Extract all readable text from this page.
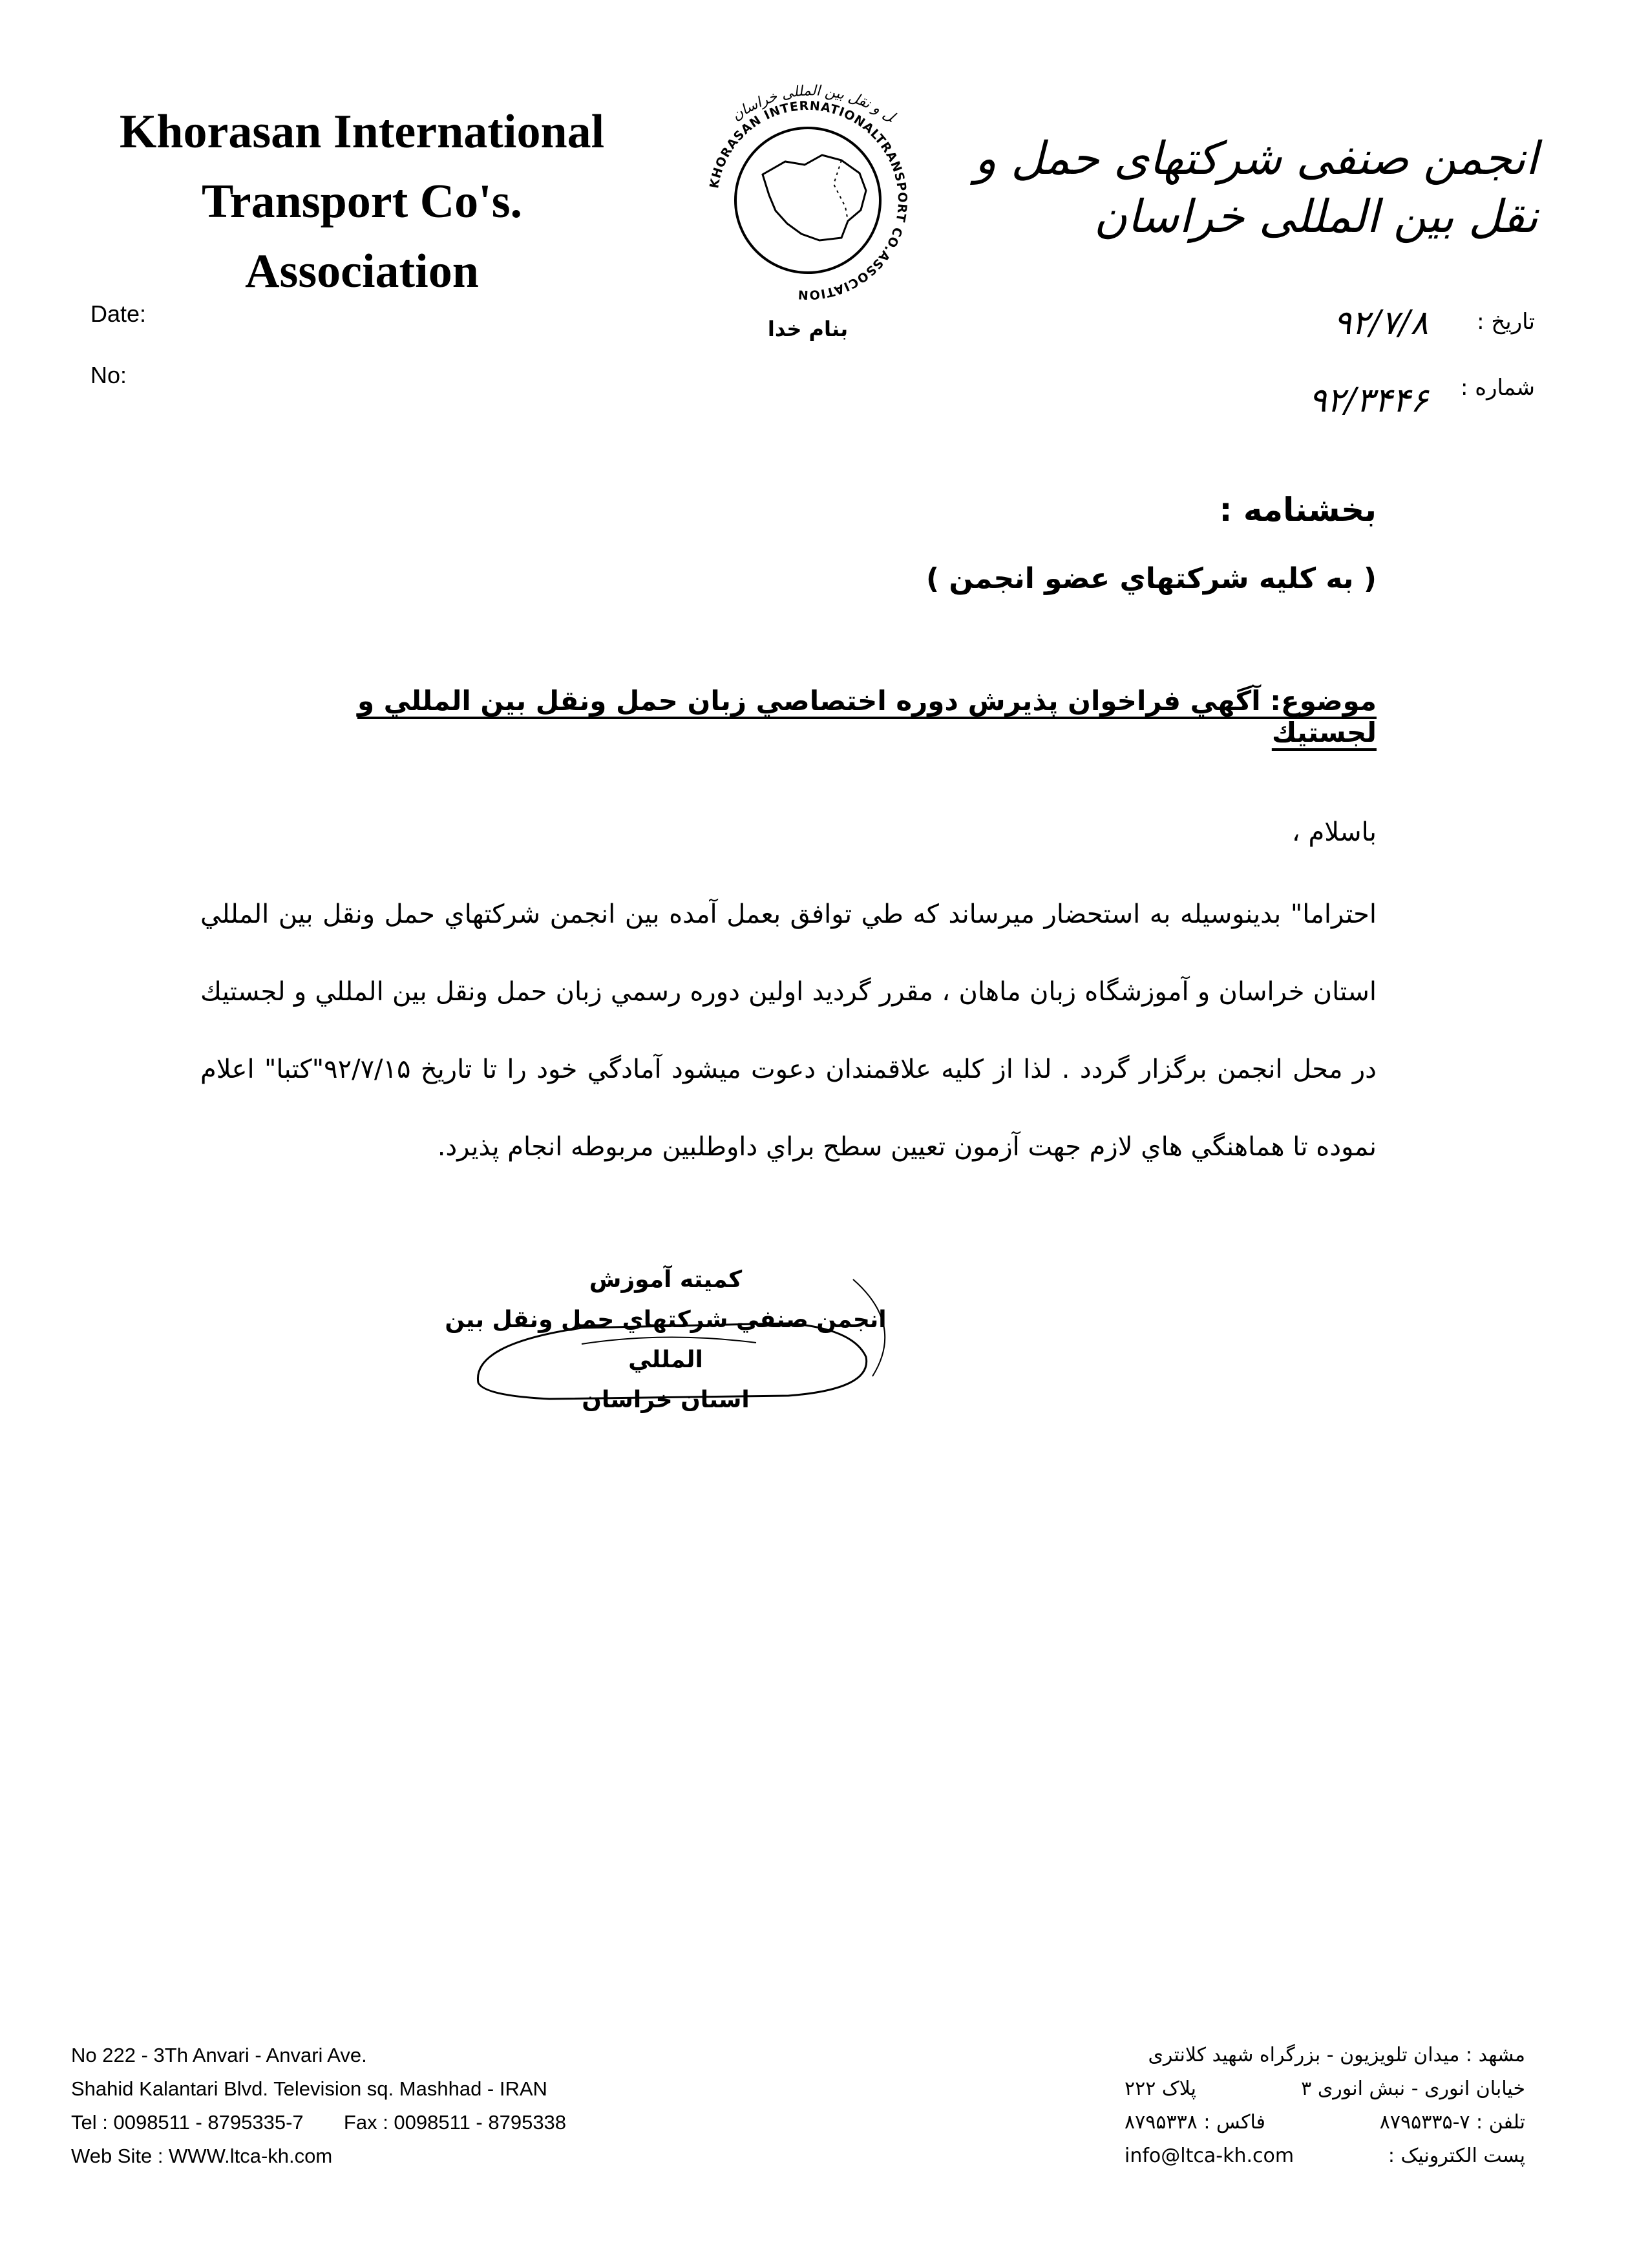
Khorasan International
Transport Co's. Association
KHORASAN INTERNATIONALTRANSPORT CO.ASSOCIATION
ل و نقل بین المللی خراسان
بنام خدا
انجمن صنفی شرکتهای حمل و نقل بین المللی خراسان
Date:
No:
تاريخ :
شماره :
۹۲/۷/۸
۹۲/۳۴۴۶
بخشنامه :
( به كليه شركتهاي عضو انجمن )
موضوع: آگهي فراخوان پذيرش دوره اختصاصي زبان حمل ونقل بين المللي و لجستيك
باسلام ،
احتراما" بدينوسيله به استحضار ميرساند كه طي توافق بعمل آمده بين انجمن شركتهاي حمل ونقل بين المللي استان خراسان و آموزشگاه زبان ماهان ، مقرر گرديد اولين دوره رسمي زبان حمل ونقل بين المللي و لجستيك در محل انجمن برگزار گردد . لذا از كليه علاقمندان دعوت ميشود آمادگي خود را تا تاريخ ۹۲/۷/۱۵"كتبا" اعلام نموده تا هماهنگي هاي لازم جهت آزمون تعيين سطح براي داوطلبين مربوطه انجام پذيرد.
كميته آموزش
انجمن صنفي شركتهاي حمل ونقل بين المللي
استان خراسان
No 222 - 3Th Anvari - Anvari Ave.
Shahid Kalantari Blvd. Television sq. Mashhad - IRAN
Tel : 0098511 - 8795335-7 Fax : 0098511 - 8795338
Web Site : WWW.ltca-kh.com
مشهد : میدان تلویزیون - بزرگراه شهید کلانتری
خیابان انوری - نبش انوری ۳
پلاک ۲۲۲
تلفن : ۷-۸۷۹۵۳۳۵
فاکس : ۸۷۹۵۳۳۸
پست الکترونیک :
info@ltca-kh.com
